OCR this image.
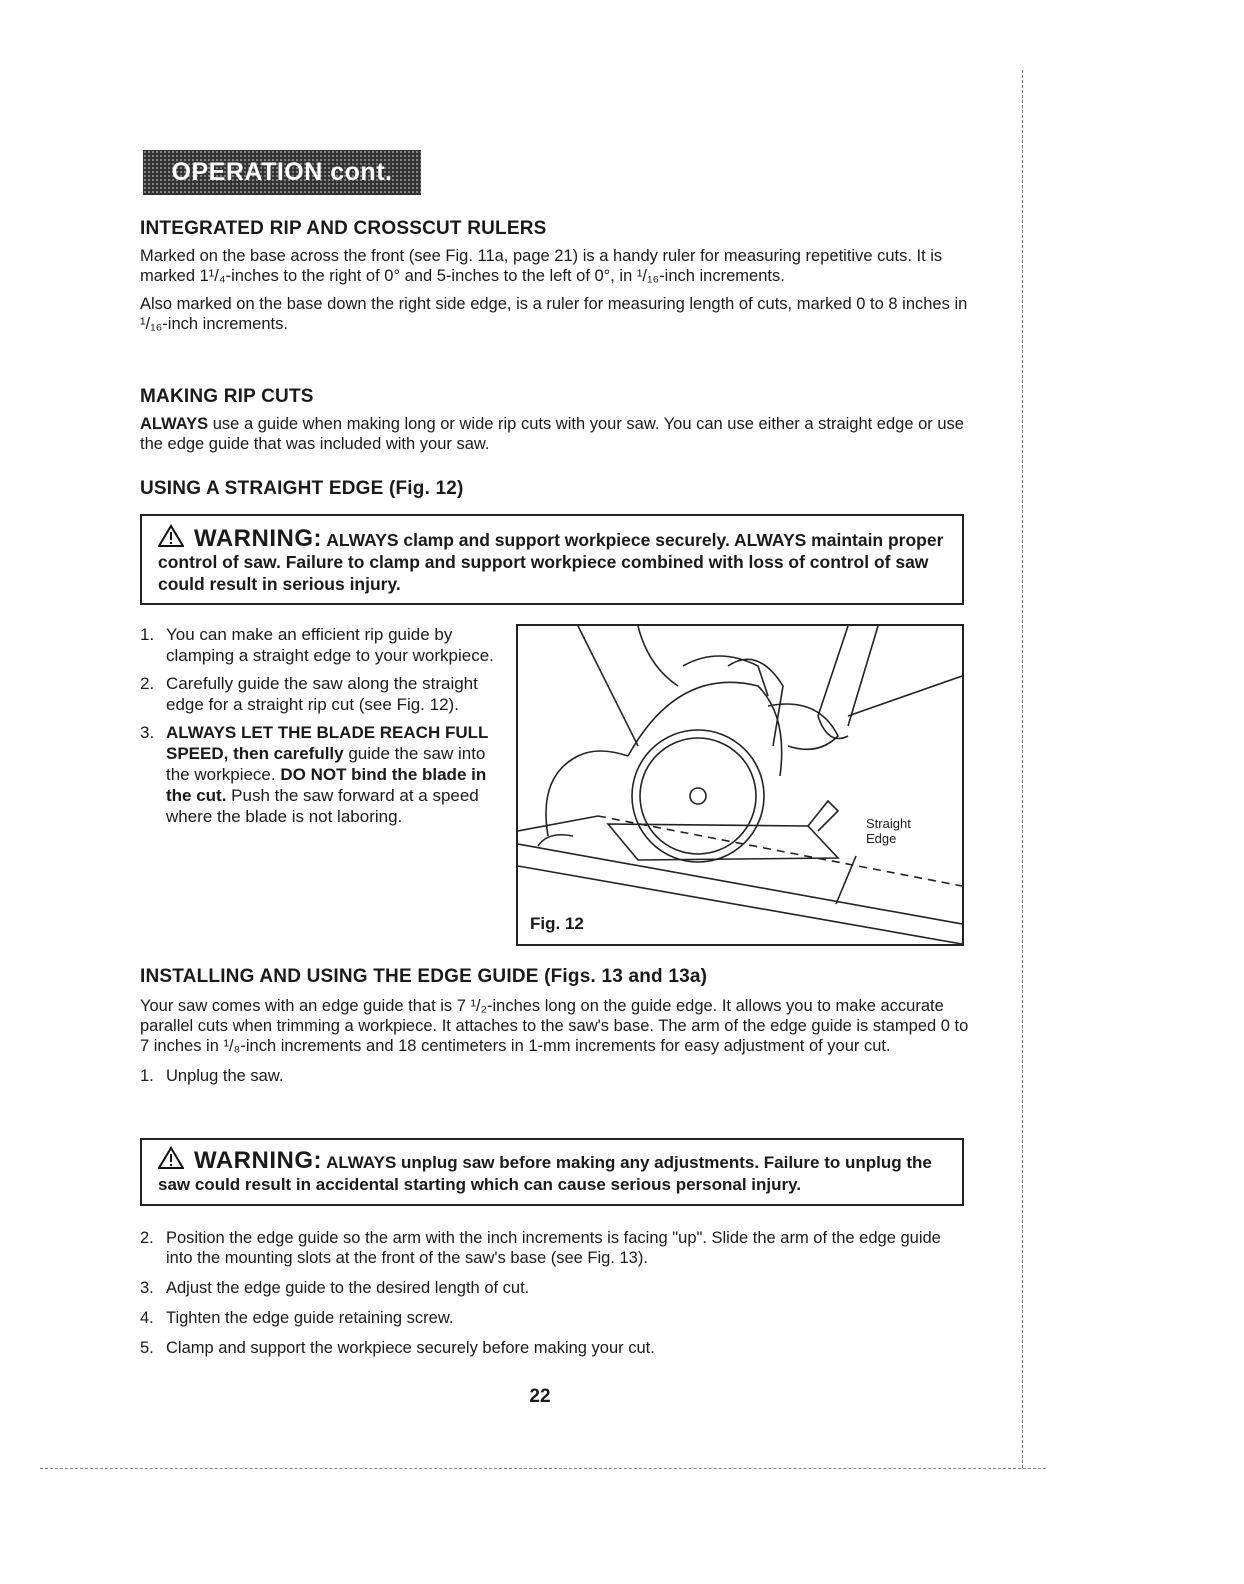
OPERATION cont.
INTEGRATED RIP AND CROSSCUT RULERS

Marked on the base across the front (see Fig. 11a, page 21) is a handy ruler for measuring repetitive cuts. It is marked 1¹/₄-inches to the right of 0° and 5-inches to the left of 0°, in ¹/₁₆-inch increments.

Also marked on the base down the right side edge, is a ruler for measuring length of cuts, marked 0 to 8 inches in ¹/₁₆-inch increments.

MAKING RIP CUTS

ALWAYS use a guide when making long or wide rip cuts with your saw. You can use either a straight edge or use the edge guide that was included with your saw.

USING A STRAIGHT EDGE (Fig. 12)
WARNING: ALWAYS clamp and support workpiece securely. ALWAYS maintain proper control of saw. Failure to clamp and support workpiece combined with loss of control of saw could result in serious injury.
1. You can make an efficient rip guide by clamping a straight edge to your workpiece.
2. Carefully guide the saw along the straight edge for a straight rip cut (see Fig. 12).
3. ALWAYS LET THE BLADE REACH FULL SPEED, then carefully guide the saw into the workpiece. DO NOT bind the blade in the cut. Push the saw forward at a speed where the blade is not laboring.	Straight
Edge
Fig. 12
INSTALLING AND USING THE EDGE GUIDE (Figs. 13 and 13a)

Your saw comes with an edge guide that is 7 ¹/₂-inches long on the guide edge. It allows you to make accurate parallel cuts when trimming a workpiece. It attaches to the saw's base. The arm of the edge guide is stamped 0 to 7 inches in ¹/₈-inch increments and 18 centimeters in 1-mm increments for easy adjustment of your cut.

1. Unplug the saw.
WARNING: ALWAYS unplug saw before making any adjustments. Failure to unplug the saw could result in accidental starting which can cause serious personal injury.
2. Position the edge guide so the arm with the inch increments is facing "up". Slide the arm of the edge guide into the mounting slots at the front of the saw's base (see Fig. 13).
3. Adjust the edge guide to the desired length of cut.
4. Tighten the edge guide retaining screw.
5. Clamp and support the workpiece securely before making your cut.
22
